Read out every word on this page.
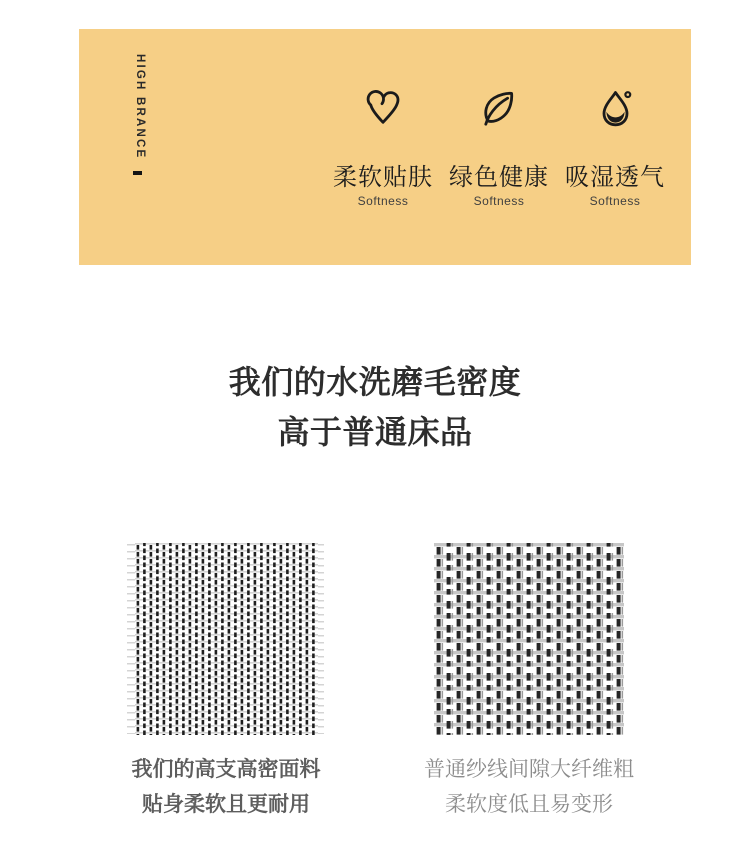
HIGH BRANCE
柔软贴肤
Softness
绿色健康
Softness
吸湿透气
Softness
我们的水洗磨毛密度
高于普通床品
我们的高支高密面料
贴身柔软且更耐用
普通纱线间隙大纤维粗
柔软度低且易变形
